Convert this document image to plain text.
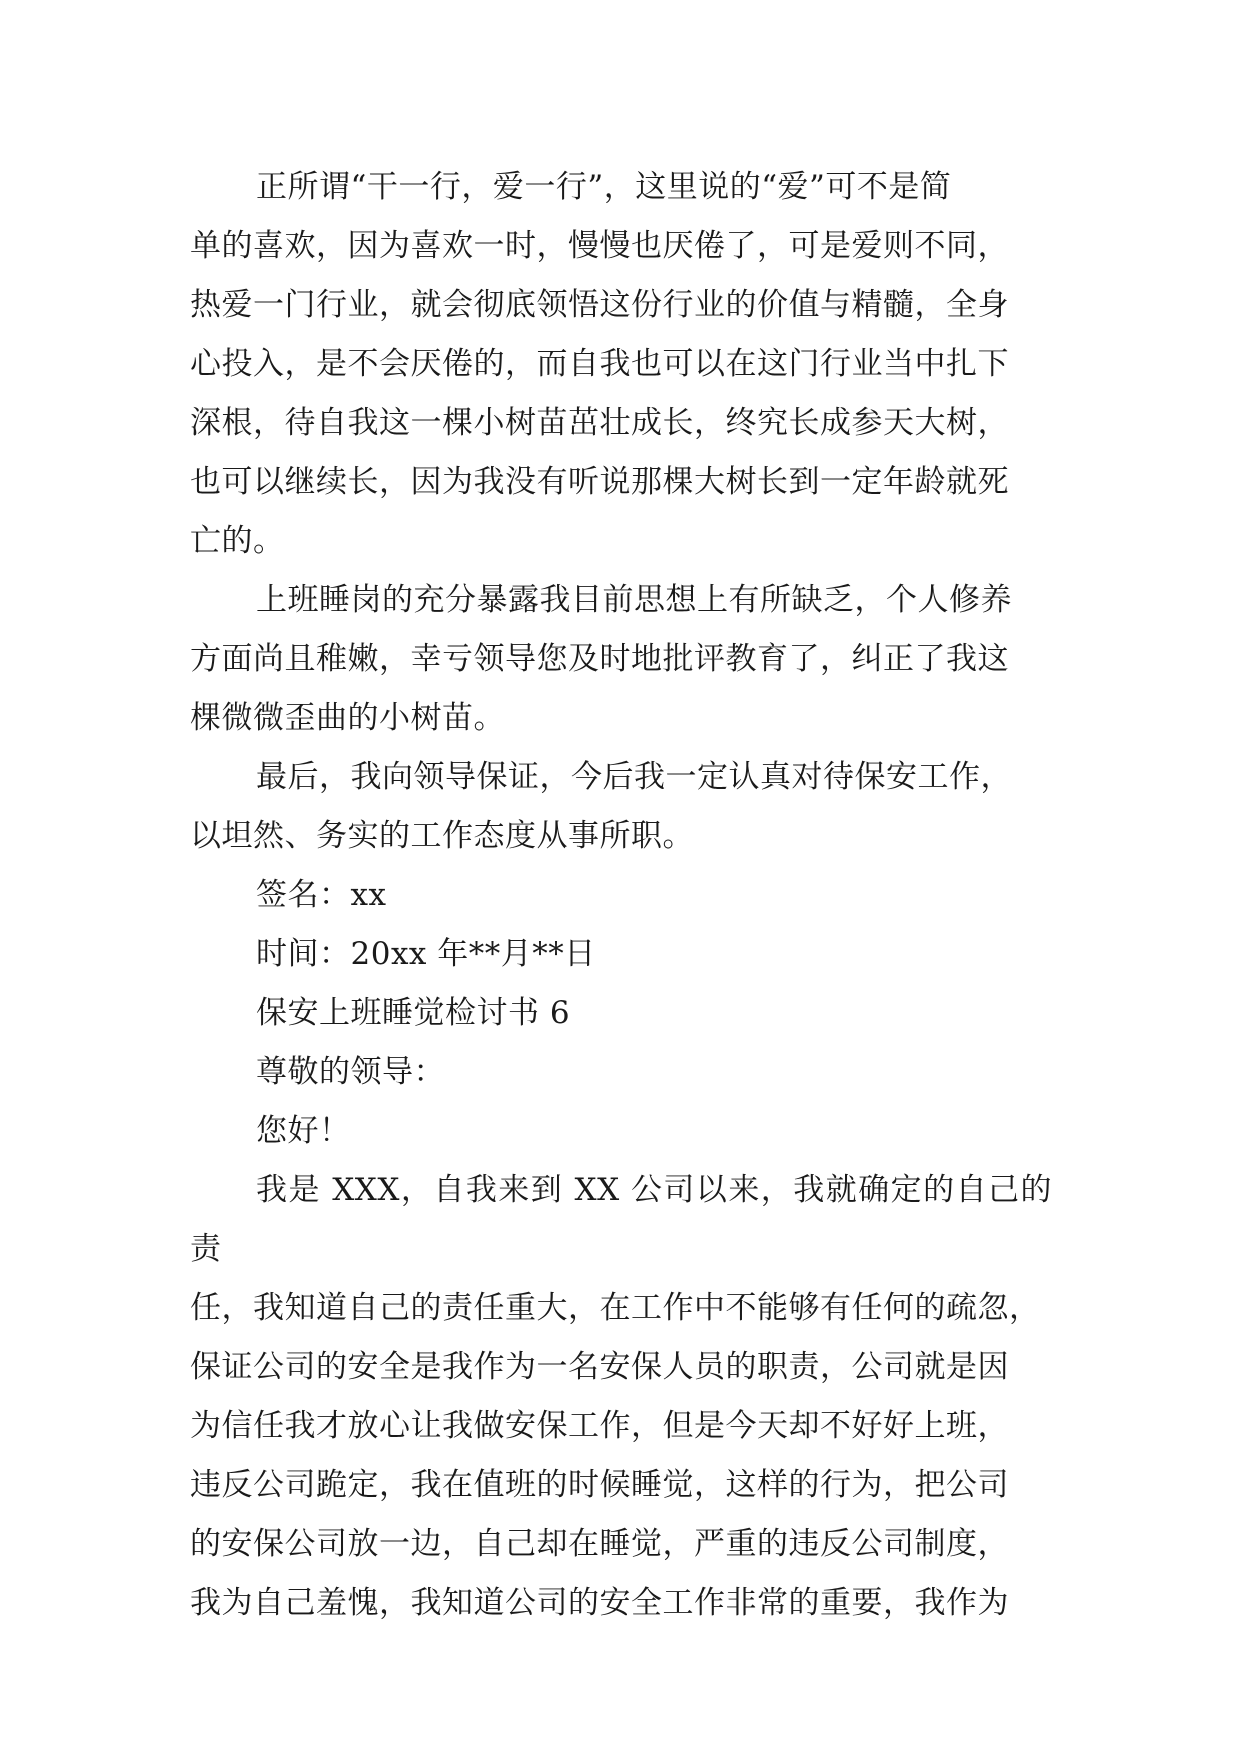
正所谓“干一行，爱一行”，这里说的“爱”可不是简
单的喜欢，因为喜欢一时，慢慢也厌倦了，可是爱则不同，
热爱一门行业，就会彻底领悟这份行业的价值与精髓，全身
心投入，是不会厌倦的，而自我也可以在这门行业当中扎下
深根，待自我这一棵小树苗茁壮成长，终究长成参天大树，
也可以继续长，因为我没有听说那棵大树长到一定年龄就死
亡的。

上班睡岗的充分暴露我目前思想上有所缺乏，个人修养
方面尚且稚嫩，幸亏领导您及时地批评教育了，纠正了我这
棵微微歪曲的小树苗。

最后，我向领导保证，今后我一定认真对待保安工作，
以坦然、务实的工作态度从事所职。

签名：xx

时间：20xx 年**月**日

保安上班睡觉检讨书 6

尊敬的领导：

您好！

我是 XXX，自我来到 XX 公司以来，我就确定的自己的责
任，我知道自己的责任重大，在工作中不能够有任何的疏忽，
保证公司的安全是我作为一名安保人员的职责，公司就是因
为信任我才放心让我做安保工作，但是今天却不好好上班，
违反公司跪定，我在值班的时候睡觉，这样的行为，把公司
的安保公司放一边，自己却在睡觉，严重的违反公司制度，
我为自己羞愧，我知道公司的安全工作非常的重要，我作为
